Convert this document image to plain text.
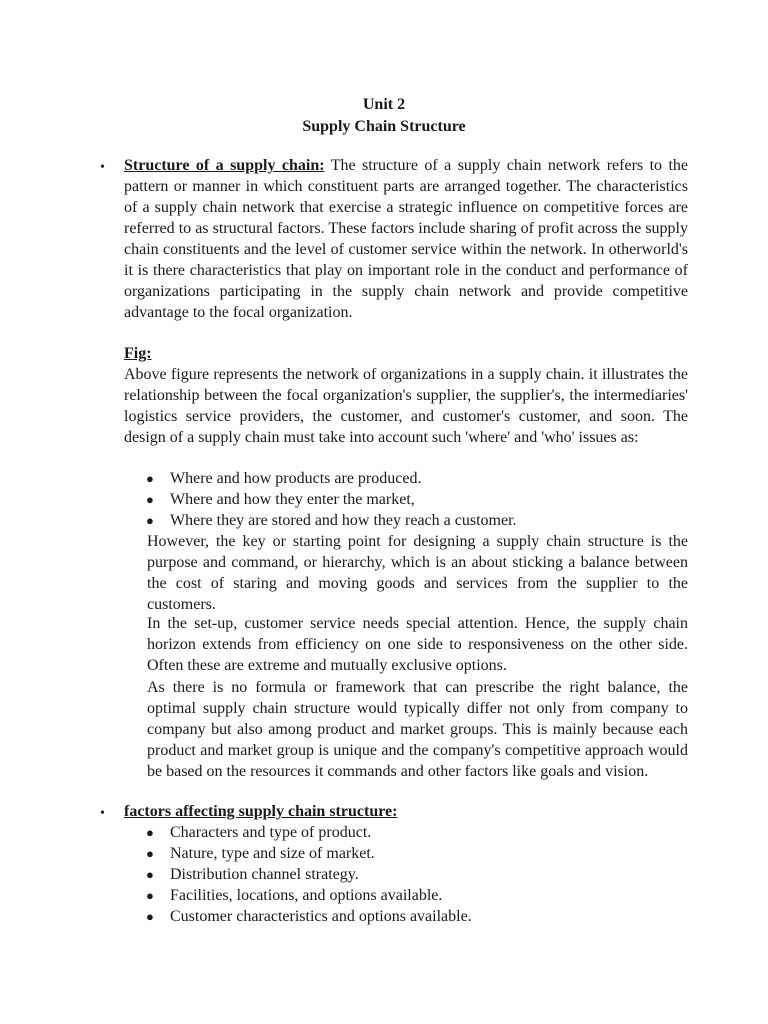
Unit 2
Supply Chain Structure
• Structure of a supply chain: The structure of a supply chain network refers to the pattern or manner in which constituent parts are arranged together. The characteristics of a supply chain network that exercise a strategic influence on competitive forces are referred to as structural factors. These factors include sharing of profit across the supply chain constituents and the level of customer service within the network. In otherworld's it is there characteristics that play on important role in the conduct and performance of organizations participating in the supply chain network and provide competitive advantage to the focal organization.

Fig:

Above figure represents the network of organizations in a supply chain. it illustrates the relationship between the focal organization's supplier, the supplier's, the intermediaries' logistics service providers, the customer, and customer's customer, and soon. The design of a supply chain must take into account such 'where' and 'who' issues as:

● Where and how products are produced.
● Where and how they enter the market,
● Where they are stored and how they reach a customer.

However, the key or starting point for designing a supply chain structure is the purpose and command, or hierarchy, which is an about sticking a balance between the cost of staring and moving goods and services from the supplier to the customers.

In the set-up, customer service needs special attention. Hence, the supply chain horizon extends from efficiency on one side to responsiveness on the other side. Often these are extreme and mutually exclusive options.

As there is no formula or framework that can prescribe the right balance, the optimal supply chain structure would typically differ not only from company to company but also among product and market groups. This is mainly because each product and market group is unique and the company's competitive approach would be based on the resources it commands and other factors like goals and vision.

• factors affecting supply chain structure:
● Characters and type of product.
● Nature, type and size of market.
● Distribution channel strategy.
● Facilities, locations, and options available.
● Customer characteristics and options available.
